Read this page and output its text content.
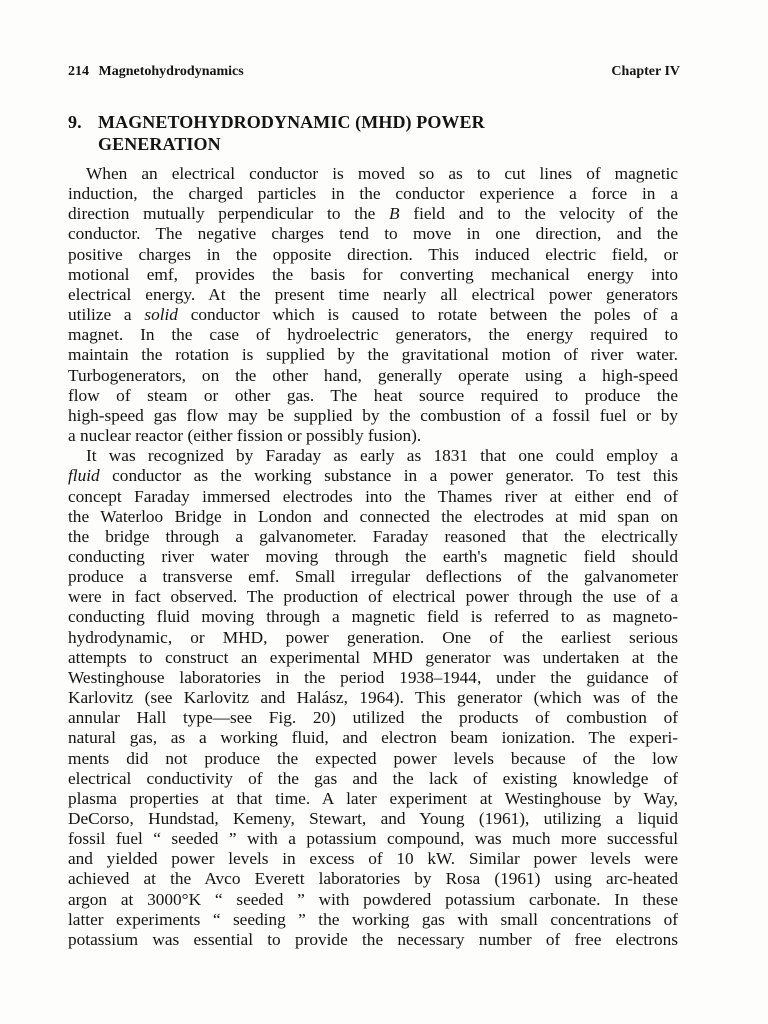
214 Magnetohydrodynamics	Chapter IV
9. MAGNETOHYDRODYNAMIC (MHD) POWER
GENERATION
When an electrical conductor is moved so as to cut lines of magnetic
induction, the charged particles in the conductor experience a force in a
direction mutually perpendicular to the B field and to the velocity of the
conductor. The negative charges tend to move in one direction, and the
positive charges in the opposite direction. This induced electric field, or
motional emf, provides the basis for converting mechanical energy into
electrical energy. At the present time nearly all electrical power generators
utilize a solid conductor which is caused to rotate between the poles of a
magnet. In the case of hydroelectric generators, the energy required to
maintain the rotation is supplied by the gravitational motion of river water.
Turbogenerators, on the other hand, generally operate using a high-speed
flow of steam or other gas. The heat source required to produce the
high-speed gas flow may be supplied by the combustion of a fossil fuel or by
a nuclear reactor (either fission or possibly fusion).
It was recognized by Faraday as early as 1831 that one could employ a
fluid conductor as the working substance in a power generator. To test this
concept Faraday immersed electrodes into the Thames river at either end of
the Waterloo Bridge in London and connected the electrodes at mid span on
the bridge through a galvanometer. Faraday reasoned that the electrically
conducting river water moving through the earth's magnetic field should
produce a transverse emf. Small irregular deflections of the galvanometer
were in fact observed. The production of electrical power through the use of a
conducting fluid moving through a magnetic field is referred to as magneto-
hydrodynamic, or MHD, power generation. One of the earliest serious
attempts to construct an experimental MHD generator was undertaken at the
Westinghouse laboratories in the period 1938–1944, under the guidance of
Karlovitz (see Karlovitz and Halász, 1964). This generator (which was of the
annular Hall type—see Fig. 20) utilized the products of combustion of
natural gas, as a working fluid, and electron beam ionization. The experi-
ments did not produce the expected power levels because of the low
electrical conductivity of the gas and the lack of existing knowledge of
plasma properties at that time. A later experiment at Westinghouse by Way,
DeCorso, Hundstad, Kemeny, Stewart, and Young (1961), utilizing a liquid
fossil fuel “ seeded ” with a potassium compound, was much more successful
and yielded power levels in excess of 10 kW. Similar power levels were
achieved at the Avco Everett laboratories by Rosa (1961) using arc-heated
argon at 3000°K “ seeded ” with powdered potassium carbonate. In these
latter experiments “ seeding ” the working gas with small concentrations of
potassium was essential to provide the necessary number of free electrons
